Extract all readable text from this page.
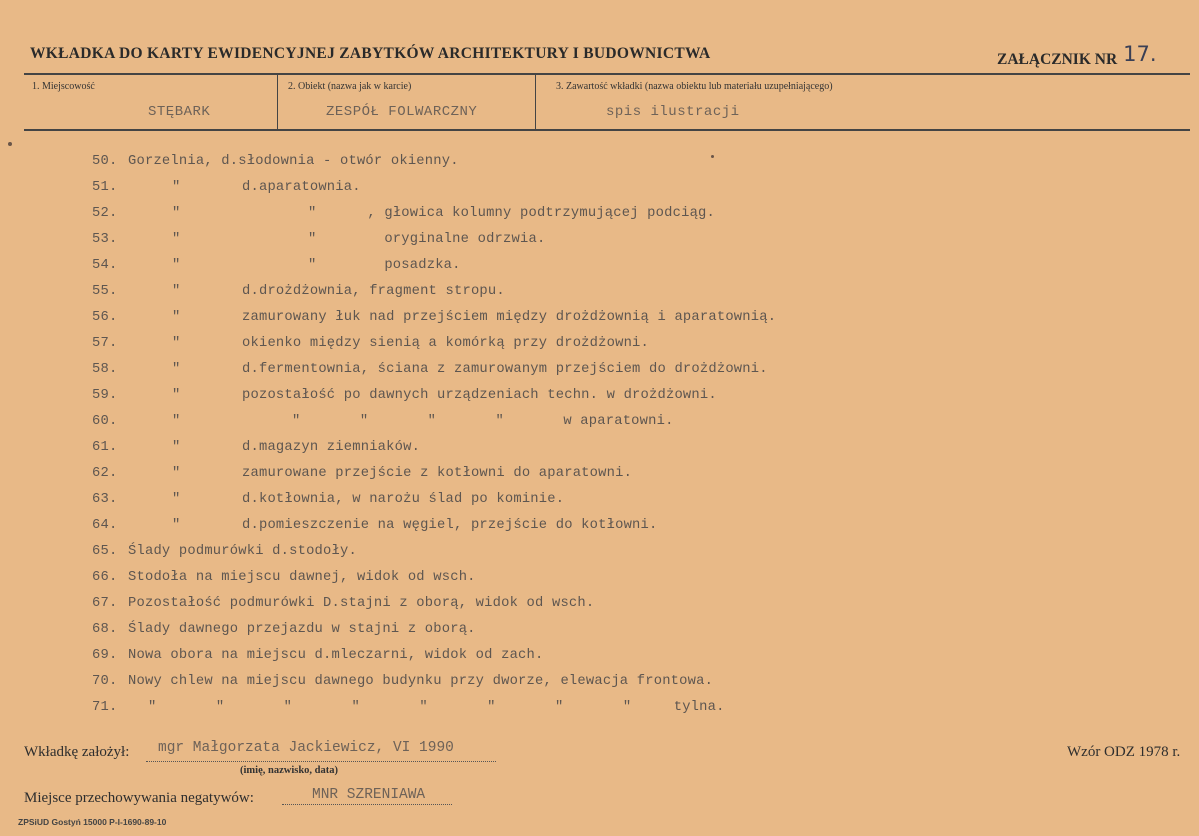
WKŁADKA DO KARTY EWIDENCYJNEJ ZABYTKÓW ARCHITEKTURY I BUDOWNICTWA	ZAŁĄCZNIK NR 17.
1. Miejscowość
STĘBARK
2. Obiekt (nazwa jak w karcie)
ZESPÓŁ FOLWARCZNY
3. Zawartość wkładki (nazwa obiektu lub materiału uzupełniającego)
spis ilustracji
50. Gorzelnia, d.słodownia - otwór okienny.
51.	"	d.aparatownia.
52.	"	"      , głowica kolumny podtrzymującej podciąg.
53.	"	"        oryginalne odrzwia.
54.	"	"        posadzka.
55.	"	d.drożdżownia, fragment stropu.
56.	"	zamurowany łuk nad przejściem między drożdżownią i aparatownią.
57.	"	okienko między sienią a komórką przy drożdżowni.
58.	"	d.fermentownia, ściana z zamurowanym przejściem do drożdżowni.
59.	"	pozostałość po dawnych urządzeniach techn. w drożdżowni.
60.	"	"       "       "       "       w aparatowni.
61.	"	d.magazyn ziemniaków.
62.	"	zamurowane przejście z kotłowni do aparatowni.
63.	"	d.kotłownia, w narożu ślad po kominie.
64.	"	d.pomieszczenie na węgiel, przejście do kotłowni.
65. Ślady podmurówki d.stodoły.
66. Stodoła na miejscu dawnej, widok od wsch.
67. Pozostałość podmurówki D.stajni z oborą, widok od wsch.
68. Ślady dawnego przejazdu w stajni z oborą.
69. Nowa obora na miejscu d.mleczarni, widok od zach.
70. Nowy chlew na miejscu dawnego budynku przy dworze, elewacja frontowa.
71. "       "       "       "       "       "       "       "     tylna.
Wkładkę założył: mgr Małgorzata Jackiewicz, VI 1990
(imię, nazwisko, data)
Wzór ODZ 1978 r.
Miejsce przechowywania negatywów:	MNR SZRENIAWA
ZPSiUD Gostyń 15000 P-I-1690-89-10
